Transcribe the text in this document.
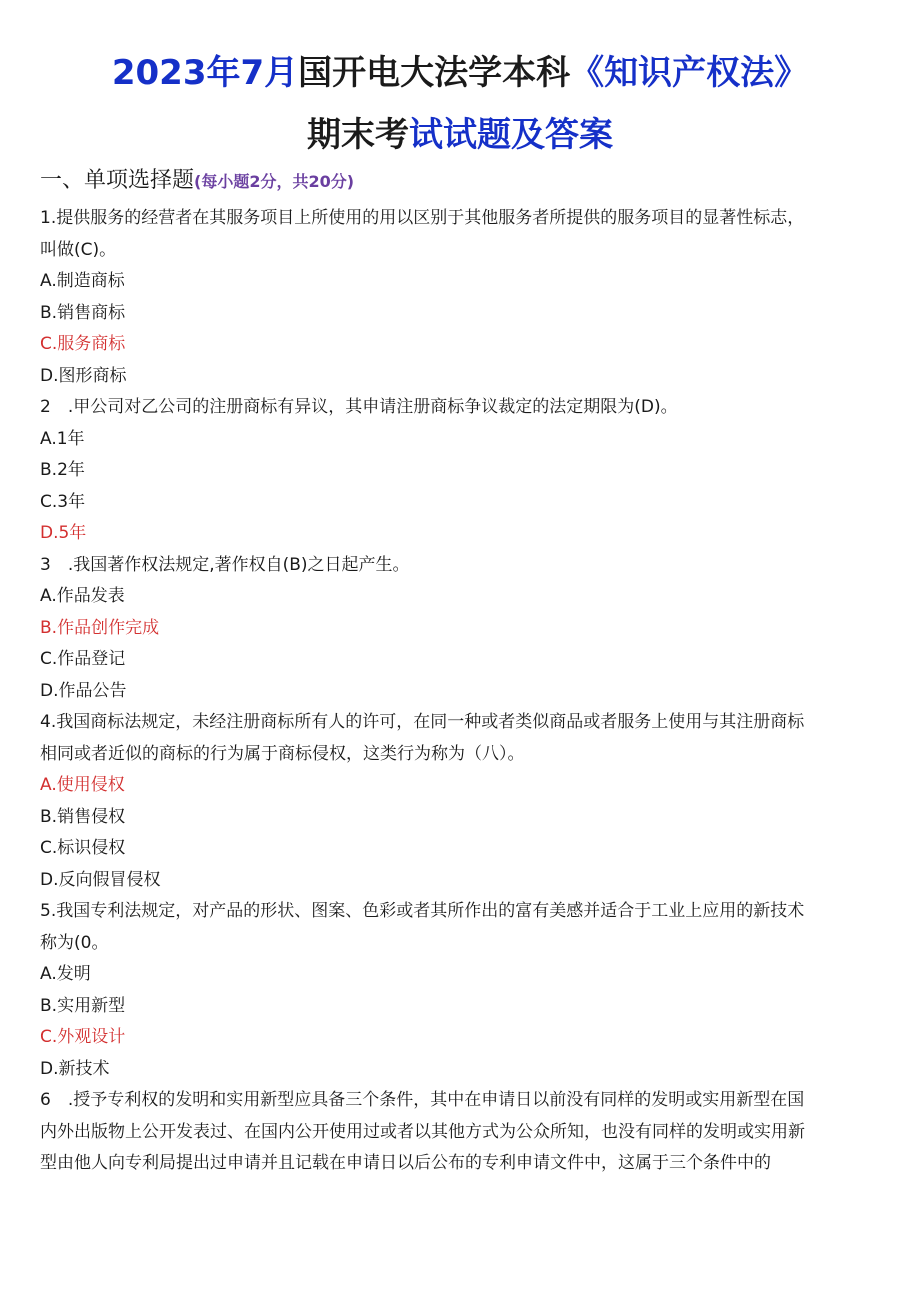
2023年7月国开电大法学本科《知识产权法》
期末考试试题及答案
一、单项选择题(每小题2分，共20分)
1.提供服务的经营者在其服务项目上所使用的用以区别于其他服务者所提供的服务项目的显著性标志，
叫做(C)。
A.制造商标
B.销售商标
C.服务商标
D.图形商标
2　.甲公司对乙公司的注册商标有异议，其申请注册商标争议裁定的法定期限为(D)。
A.1年
B.2年
C.3年
D.5年
3　.我国著作权法规定,著作权自(B)之日起产生。
A.作品发表
B.作品创作完成
C.作品登记
D.作品公告
4.我国商标法规定，未经注册商标所有人的许可，在同一种或者类似商品或者服务上使用与其注册商标
相同或者近似的商标的行为属于商标侵权，这类行为称为（八）。
A.使用侵权
B.销售侵权
C.标识侵权
D.反向假冒侵权
5.我国专利法规定，对产品的形状、图案、色彩或者其所作出的富有美感并适合于工业上应用的新技术
称为(0。
A.发明
B.实用新型
C.外观设计
D.新技术
6　.授予专利权的发明和实用新型应具备三个条件，其中在申请日以前没有同样的发明或实用新型在国
内外出版物上公开发表过、在国内公开使用过或者以其他方式为公众所知，也没有同样的发明或实用新
型由他人向专利局提出过申请并且记载在申请日以后公布的专利申请文件中，这属于三个条件中的
